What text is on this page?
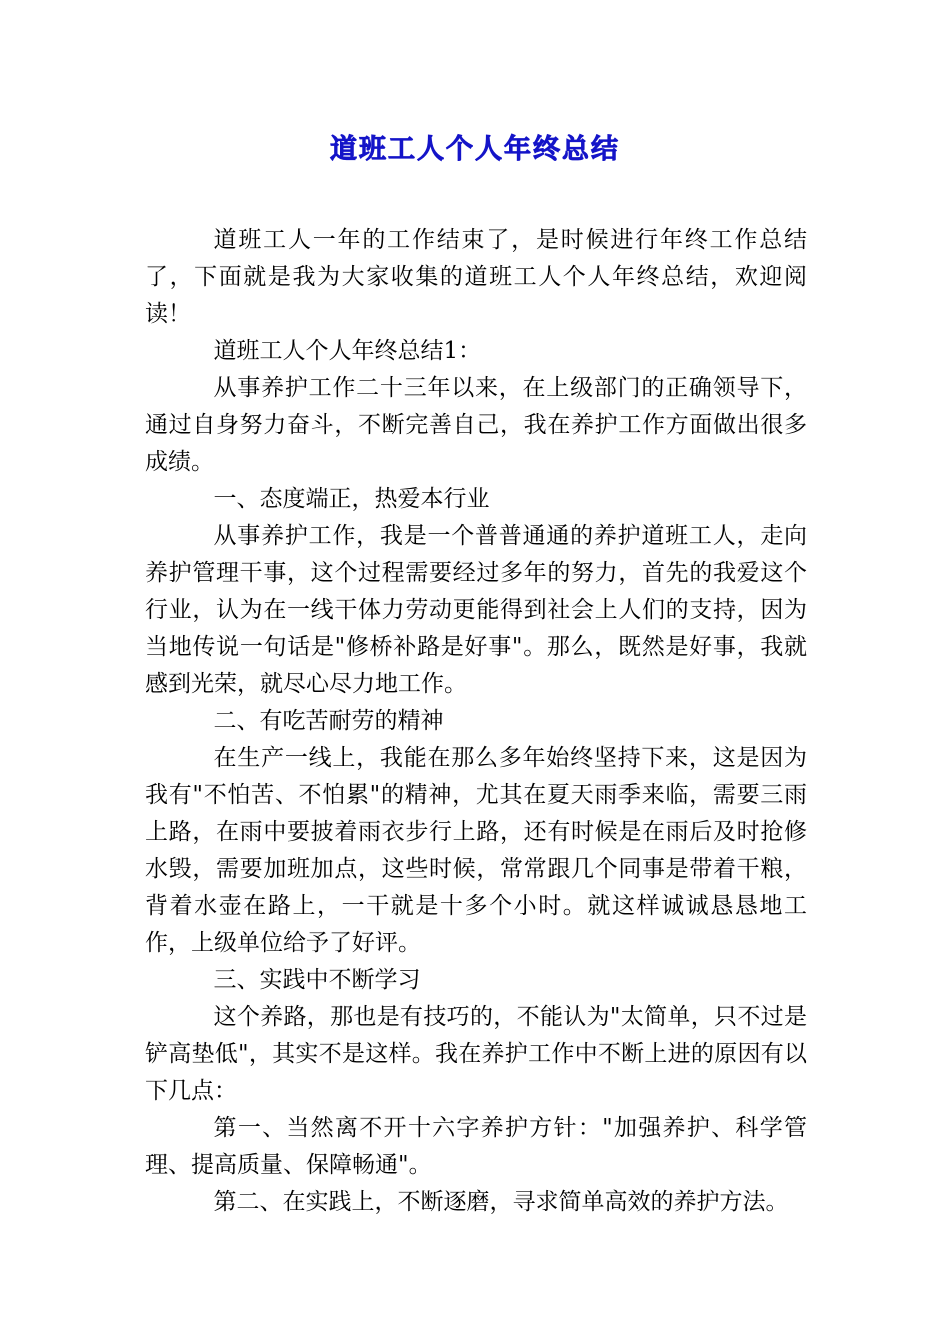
道班工人个人年终总结

道班工人一年的工作结束了，是时候进行年终工作总结了，下面就是我为大家收集的道班工人个人年终总结，欢迎阅读！

道班工人个人年终总结1：

从事养护工作二十三年以来，在上级部门的正确领导下，通过自身努力奋斗，不断完善自己，我在养护工作方面做出很多成绩。

一、态度端正，热爱本行业

从事养护工作，我是一个普普通通的养护道班工人，走向养护管理干事，这个过程需要经过多年的努力，首先的我爱这个行业，认为在一线干体力劳动更能得到社会上人们的支持，因为当地传说一句话是"修桥补路是好事"。那么，既然是好事，我就感到光荣，就尽心尽力地工作。

二、有吃苦耐劳的精神

在生产一线上，我能在那么多年始终坚持下来，这是因为我有"不怕苦、不怕累"的精神，尤其在夏天雨季来临，需要三雨上路，在雨中要披着雨衣步行上路，还有时候是在雨后及时抢修水毁，需要加班加点，这些时候，常常跟几个同事是带着干粮，背着水壶在路上，一干就是十多个小时。就这样诚诚恳恳地工作，上级单位给予了好评。

三、实践中不断学习

这个养路，那也是有技巧的，不能认为"太简单，只不过是铲高垫低"，其实不是这样。我在养护工作中不断上进的原因有以下几点：

第一、当然离不开十六字养护方针："加强养护、科学管理、提高质量、保障畅通"。

第二、在实践上，不断逐磨，寻求简单高效的养护方法。
